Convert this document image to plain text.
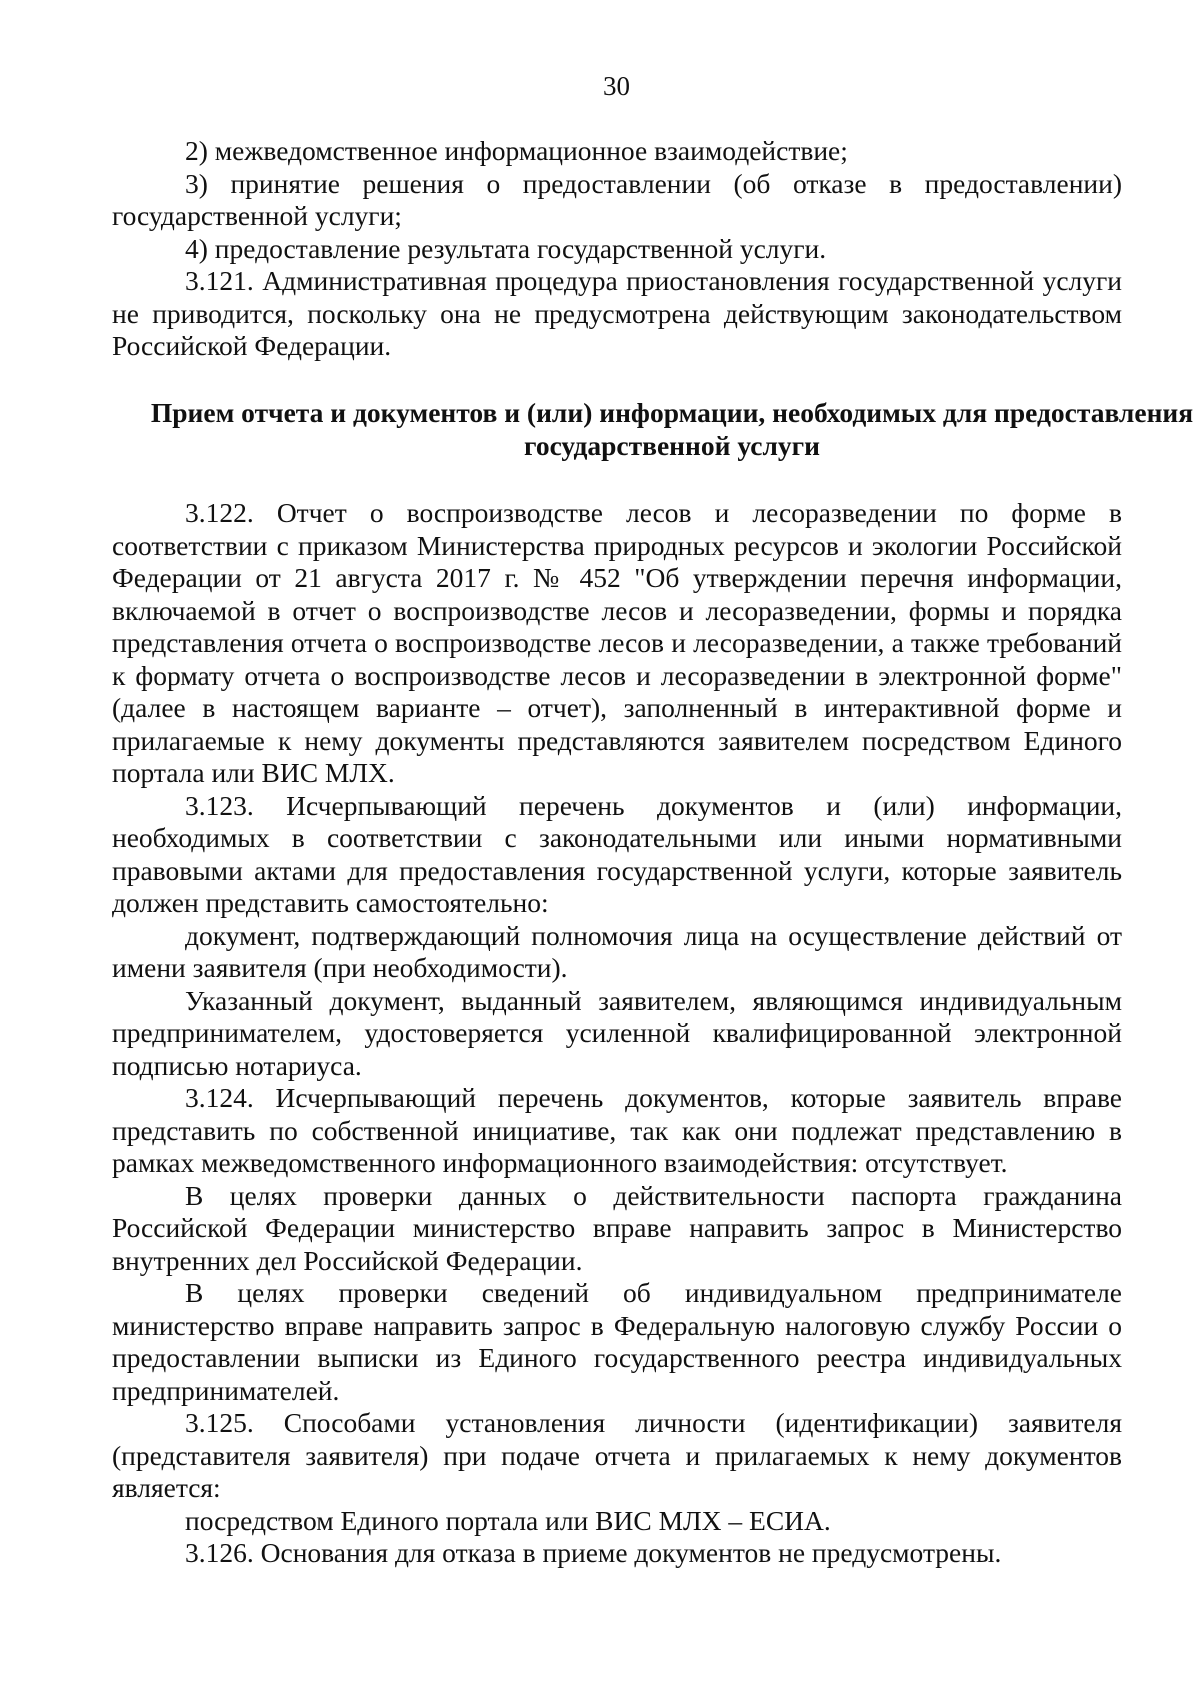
30

2) межведомственное информационное взаимодействие;

3) принятие решения о предоставлении (об отказе в предоставлении) государственной услуги;

4) предоставление результата государственной услуги.

3.121. Административная процедура приостановления государственной услуги не приводится, поскольку она не предусмотрена действующим законодательством Российской Федерации.

Прием отчета и документов и (или) информации, необходимых для предоставления государственной услуги

3.122. Отчет о воспроизводстве лесов и лесоразведении по форме в соответствии с приказом Министерства природных ресурсов и экологии Российской Федерации от 21 августа 2017 г. № 452 "Об утверждении перечня информации, включаемой в отчет о воспроизводстве лесов и лесоразведении, формы и порядка представления отчета о воспроизводстве лесов и лесоразведении, а также требований к формату отчета о воспроизводстве лесов и лесоразведении в электронной форме" (далее в настоящем варианте – отчет), заполненный в интерактивной форме и прилагаемые к нему документы представляются заявителем посредством Единого портала или ВИС МЛХ.

3.123. Исчерпывающий перечень документов и (или) информации, необходимых в соответствии с законодательными или иными нормативными правовыми актами для предоставления государственной услуги, которые заявитель должен представить самостоятельно:

документ, подтверждающий полномочия лица на осуществление действий от имени заявителя (при необходимости).

Указанный документ, выданный заявителем, являющимся индивидуальным предпринимателем, удостоверяется усиленной квалифицированной электронной подписью нотариуса.

3.124. Исчерпывающий перечень документов, которые заявитель вправе представить по собственной инициативе, так как они подлежат представлению в рамках межведомственного информационного взаимодействия: отсутствует.

В целях проверки данных о действительности паспорта гражданина Российской Федерации министерство вправе направить запрос в Министерство внутренних дел Российской Федерации.

В целях проверки сведений об индивидуальном предпринимателе министерство вправе направить запрос в Федеральную налоговую службу России о предоставлении выписки из Единого государственного реестра индивидуальных предпринимателей.

3.125. Способами установления личности (идентификации) заявителя (представителя заявителя) при подаче отчета и прилагаемых к нему документов является:

посредством Единого портала или ВИС МЛХ – ЕСИА.

3.126. Основания для отказа в приеме документов не предусмотрены.
